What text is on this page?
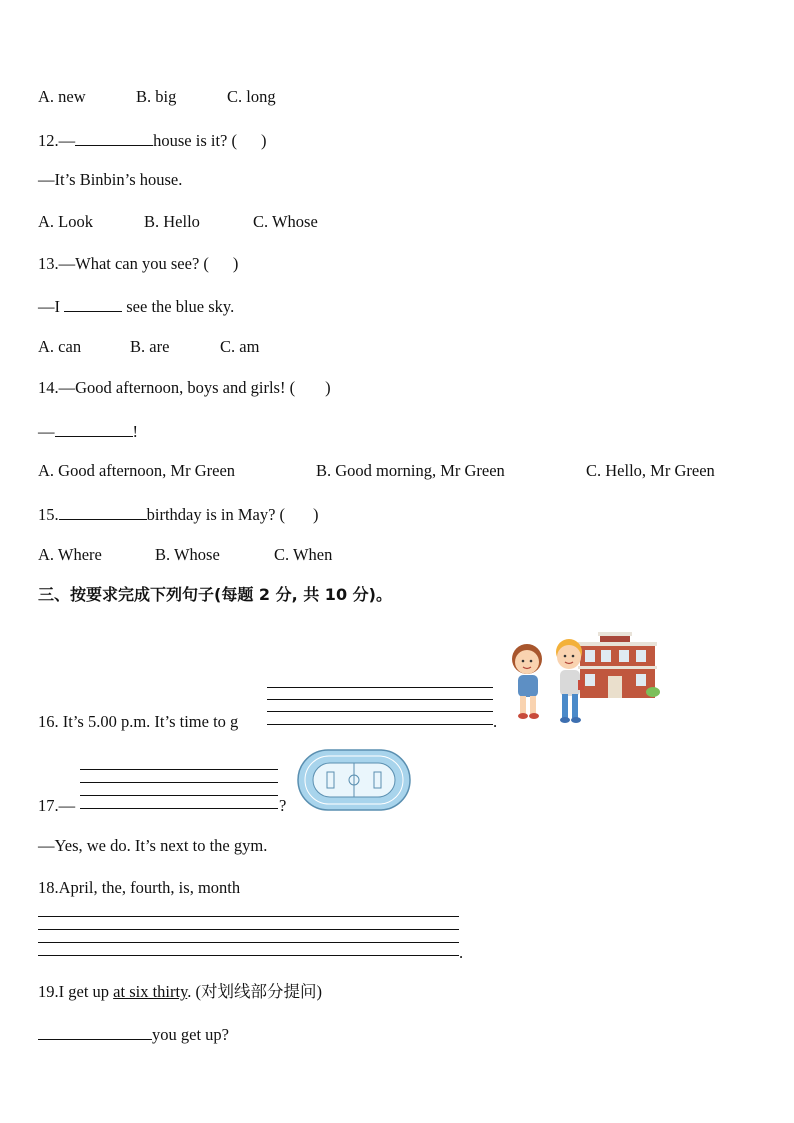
A. new	B. big	C. long
12.—	house is it? ( )
—It’s Binbin’s house.
A. Look	B. Hello	C. Whose
13.—What can you see? ( )
—I	see the blue sky.
A. can	B. are	C. am
14.—Good afternoon, boys and girls! ( )
—	!
A. Good afternoon, Mr Green	B. Good morning, Mr Green	C. Hello, Mr Green
15.	birthday is in May? ( )
A. Where	B. Whose	C. When
三、按要求完成下列句子(每题 2 分, 共 10 分)。
16. It’s 5.00 p.m. It’s time to g	.
17.—	?
—Yes, we do. It’s next to the gym.
18.April, the, fourth, is, month
.
19.I get up at six thirty. (对划线部分提问)
you get up?
